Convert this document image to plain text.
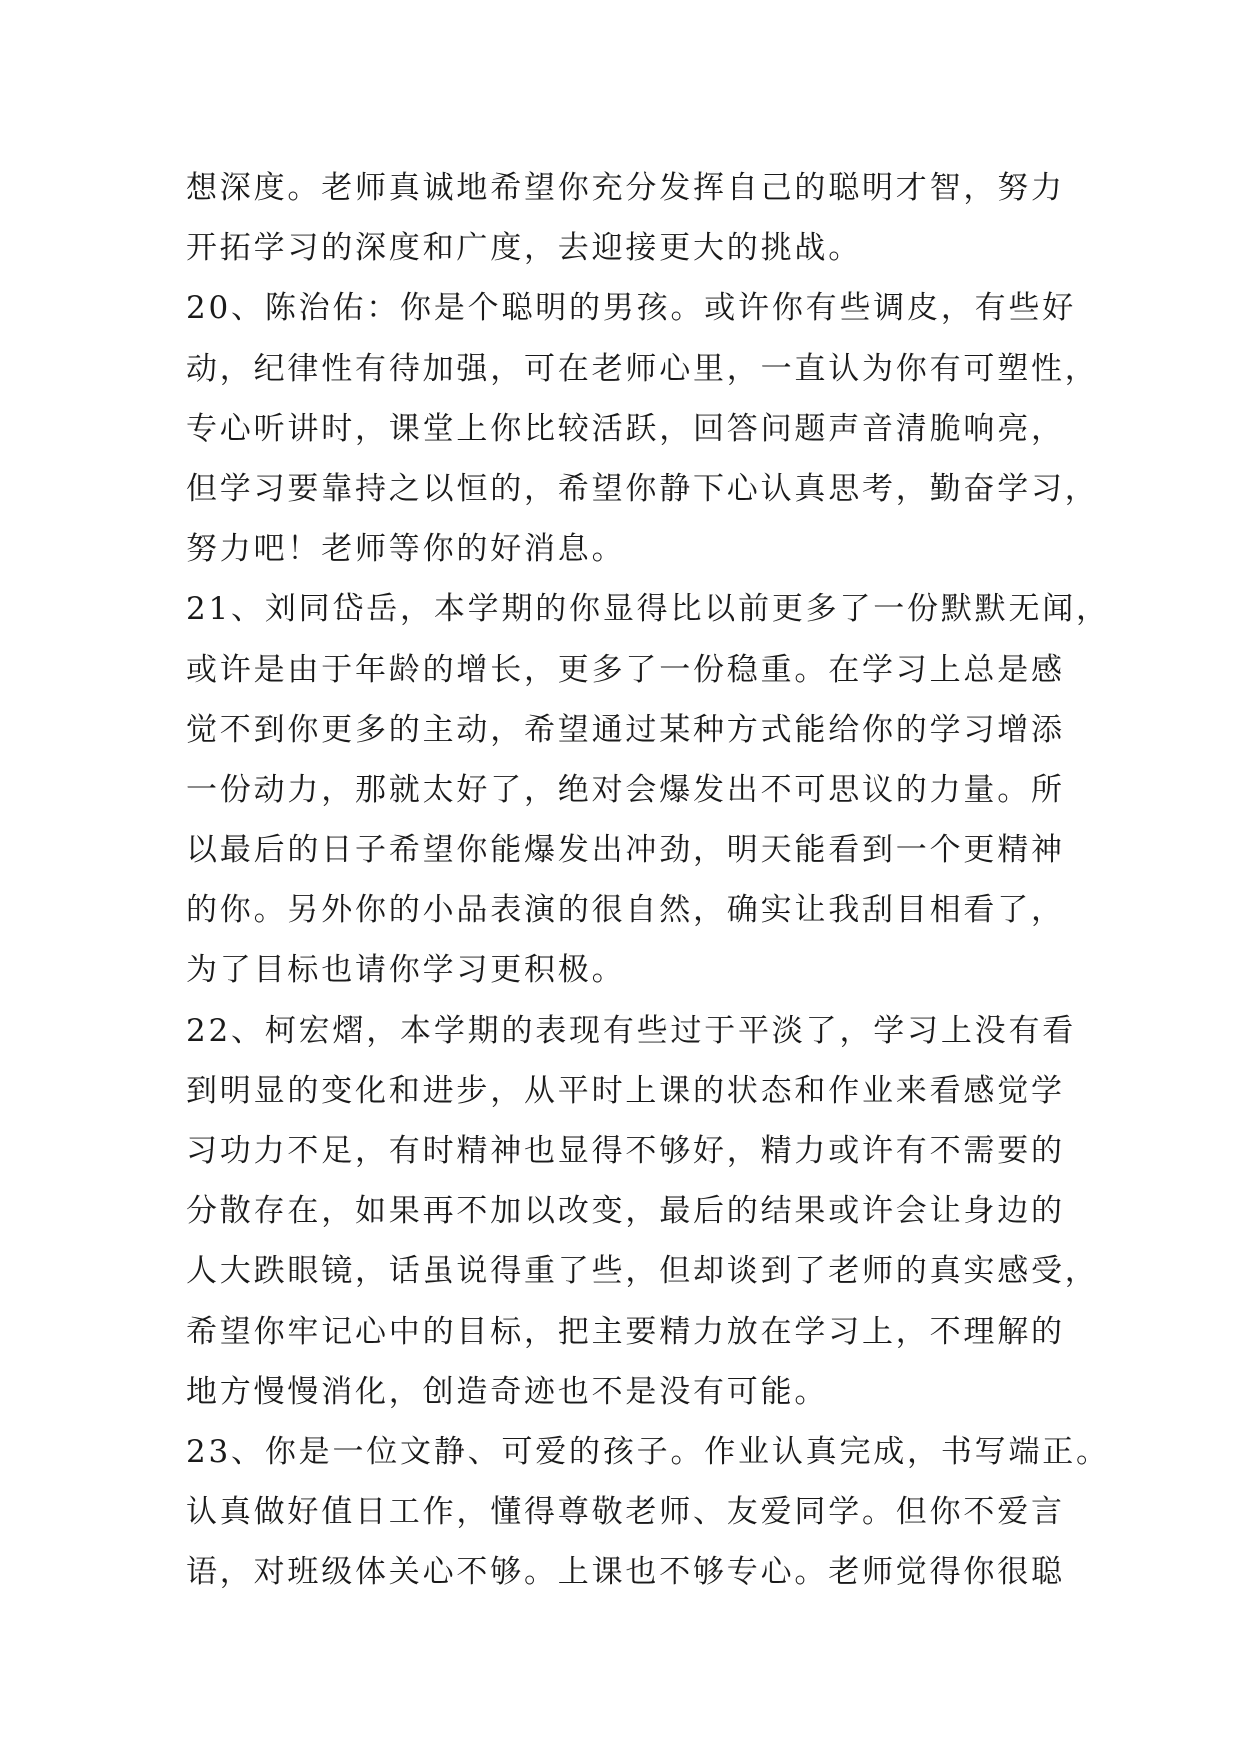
想深度。老师真诚地希望你充分发挥自己的聪明才智，努力
开拓学习的深度和广度，去迎接更大的挑战。
20、陈治佑：你是个聪明的男孩。或许你有些调皮，有些好
动，纪律性有待加强，可在老师心里，一直认为你有可塑性，
专心听讲时，课堂上你比较活跃，回答问题声音清脆响亮，
但学习要靠持之以恒的，希望你静下心认真思考，勤奋学习，
努力吧！老师等你的好消息。
21、刘同岱岳，本学期的你显得比以前更多了一份默默无闻，
或许是由于年龄的增长，更多了一份稳重。在学习上总是感
觉不到你更多的主动，希望通过某种方式能给你的学习增添
一份动力，那就太好了，绝对会爆发出不可思议的力量。所
以最后的日子希望你能爆发出冲劲，明天能看到一个更精神
的你。另外你的小品表演的很自然，确实让我刮目相看了，
为了目标也请你学习更积极。
22、柯宏熠，本学期的表现有些过于平淡了，学习上没有看
到明显的变化和进步，从平时上课的状态和作业来看感觉学
习功力不足，有时精神也显得不够好，精力或许有不需要的
分散存在，如果再不加以改变，最后的结果或许会让身边的
人大跌眼镜，话虽说得重了些，但却谈到了老师的真实感受，
希望你牢记心中的目标，把主要精力放在学习上，不理解的
地方慢慢消化，创造奇迹也不是没有可能。
23、你是一位文静、可爱的孩子。作业认真完成，书写端正。
认真做好值日工作，懂得尊敬老师、友爱同学。但你不爱言
语，对班级体关心不够。上课也不够专心。老师觉得你很聪
